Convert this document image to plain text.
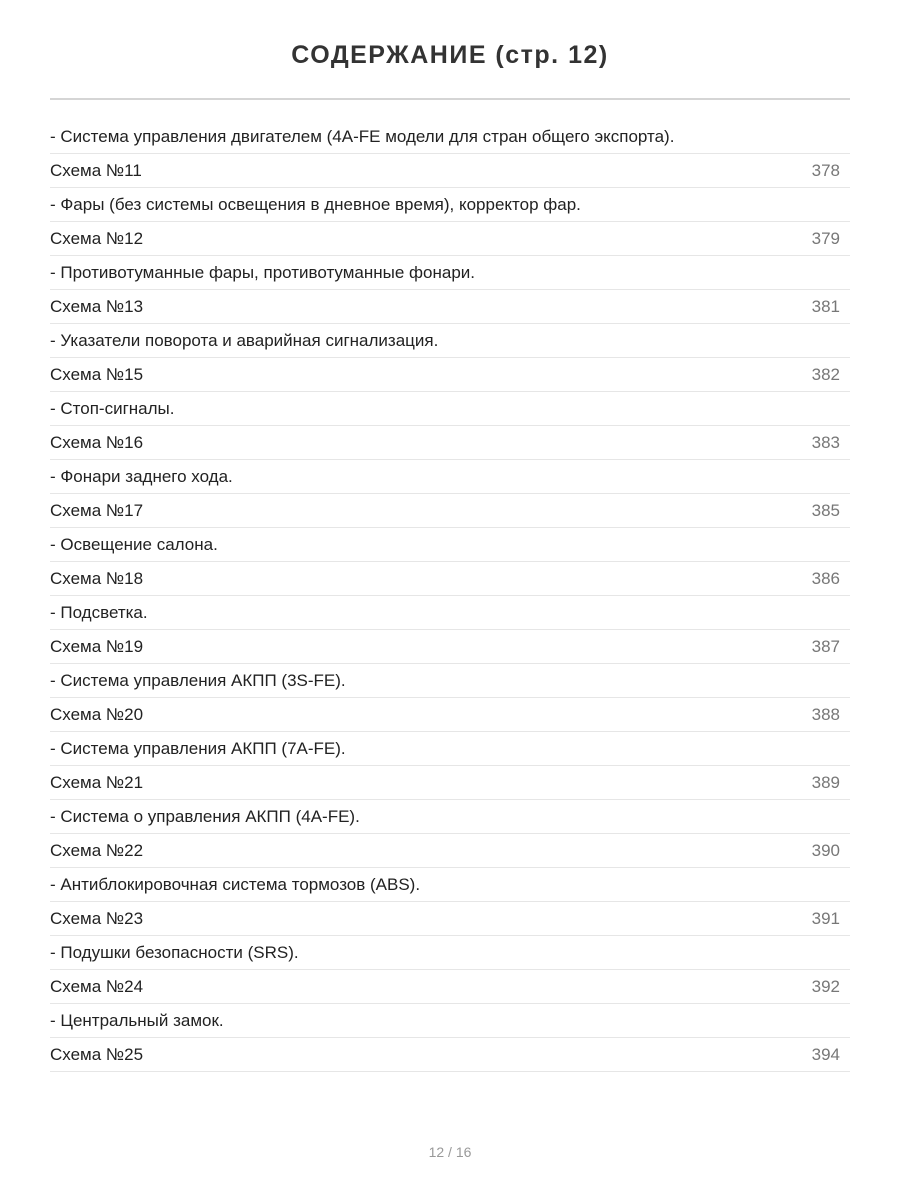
СОДЕРЖАНИЕ (стр. 12)
- Система управления двигателем (4A-FE модели для стран общего экспорта).
Схема №11	378
- Фары (без системы освещения в дневное время), корректор фар.
Схема №12	379
- Противотуманные фары, противотуманные фонари.
Схема №13	381
- Указатели поворота и аварийная сигнализация.
Схема №15	382
- Стоп-сигналы.
Схема №16	383
- Фонари заднего хода.
Схема №17	385
- Освещение салона.
Схема №18	386
- Подсветка.
Схема №19	387
- Система управления АКПП (3S-FE).
Схема №20	388
- Система управления АКПП (7A-FE).
Схема №21	389
- Система о управления АКПП (4A-FE).
Схема №22	390
- Антиблокировочная система тормозов (ABS).
Схема №23	391
- Подушки безопасности (SRS).
Схема №24	392
- Центральный замок.
Схема №25	394
12 / 16
